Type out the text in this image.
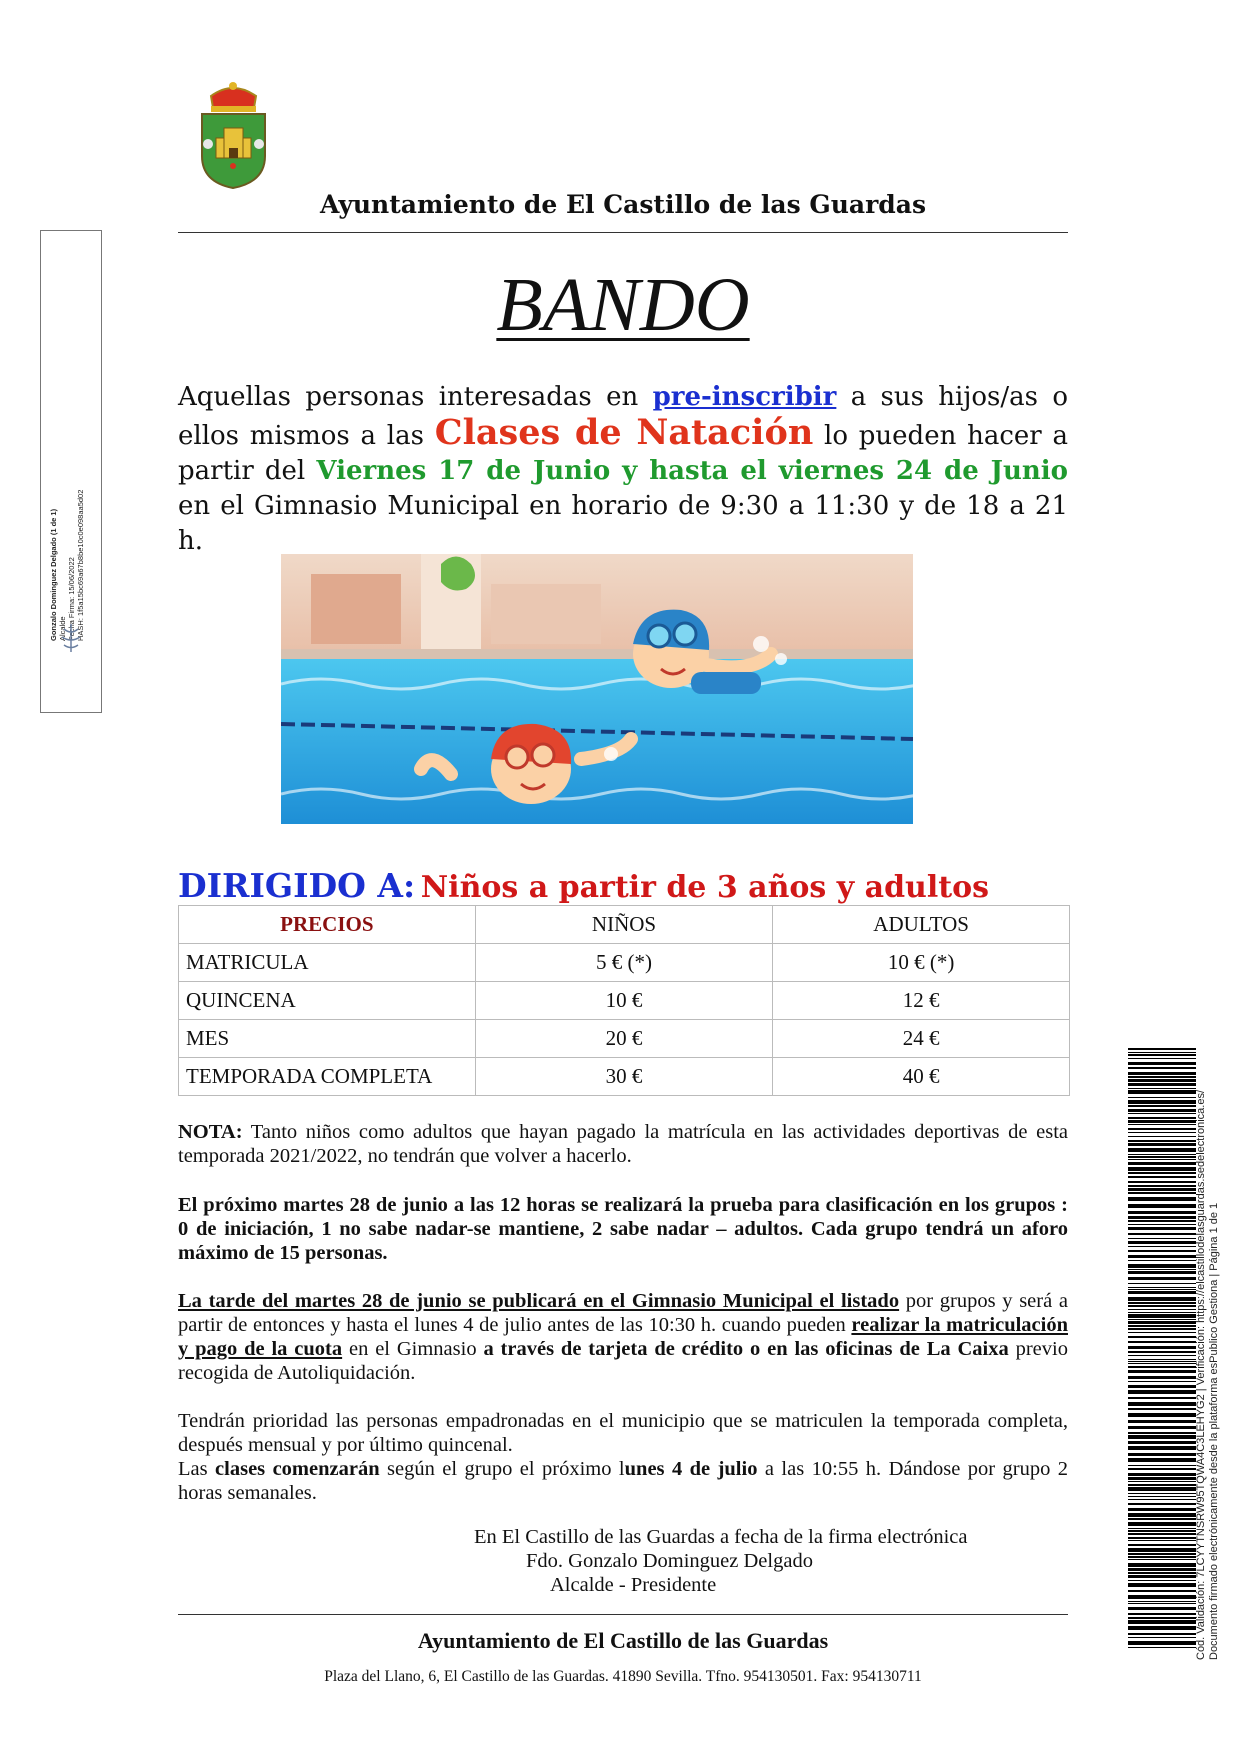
Ayuntamiento de El Castillo de las Guardas
BANDO
Aquellas personas interesadas en pre-inscribir a sus hijos/as o ellos mismos a las Clases de Natación lo pueden hacer a partir del Viernes 17 de Junio y hasta el viernes 24 de Junio en el Gimnasio Municipal en horario de 9:30 a 11:30 y de 18 a 21 h.
DIRIGIDO A: Niños a partir de 3 años y adultos
PRECIOS	NIÑOS	ADULTOS
MATRICULA	5 € (*)	10 € (*)
QUINCENA	10 €	12 €
MES	20 €	24 €
TEMPORADA COMPLETA	30 €	40 €
NOTA: Tanto niños como adultos que hayan pagado la matrícula en las actividades deportivas de esta temporada 2021/2022, no tendrán que volver a hacerlo.
El próximo martes 28 de junio a las 12 horas se realizará la prueba para clasificación en los grupos : 0 de iniciación, 1 no sabe nadar-se mantiene, 2 sabe nadar – adultos. Cada grupo tendrá un aforo máximo de 15 personas.
La tarde del martes 28 de junio se publicará en el Gimnasio Municipal el listado por grupos y será a partir de entonces y hasta el lunes 4 de julio antes de las 10:30 h. cuando pueden realizar la matriculación y pago de la cuota en el Gimnasio a través de tarjeta de crédito o en las oficinas de La Caixa previo recogida de Autoliquidación.
Tendrán prioridad las personas empadronadas en el municipio que se matriculen la temporada completa, después mensual y por último quincenal.
Las clases comenzarán según el grupo el próximo lunes 4 de julio a las 10:55 h. Dándose por grupo 2 horas semanales.
En El Castillo de las Guardas a fecha de la firma electrónica
Fdo. Gonzalo Dominguez Delgado
Alcalde - Presidente
Ayuntamiento de El Castillo de las Guardas
Plaza del Llano, 6, El Castillo de las Guardas. 41890 Sevilla. Tfno. 954130501. Fax: 954130711
Gonzalo Dominguez Delgado (1 de 1) Alcalde Fecha Firma: 15/06/2022 HASH: 1f5a15bc69a67b8be10c0e098aa5d02
Cód. Validación: 7LCYYTNSRW95TQWA4C3LEHYG2 | Verificación: https://elcastillodelasguardas.sedelectronica.es/ Documento firmado electrónicamente desde la plataforma esPublico Gestiona | Página 1 de 1
